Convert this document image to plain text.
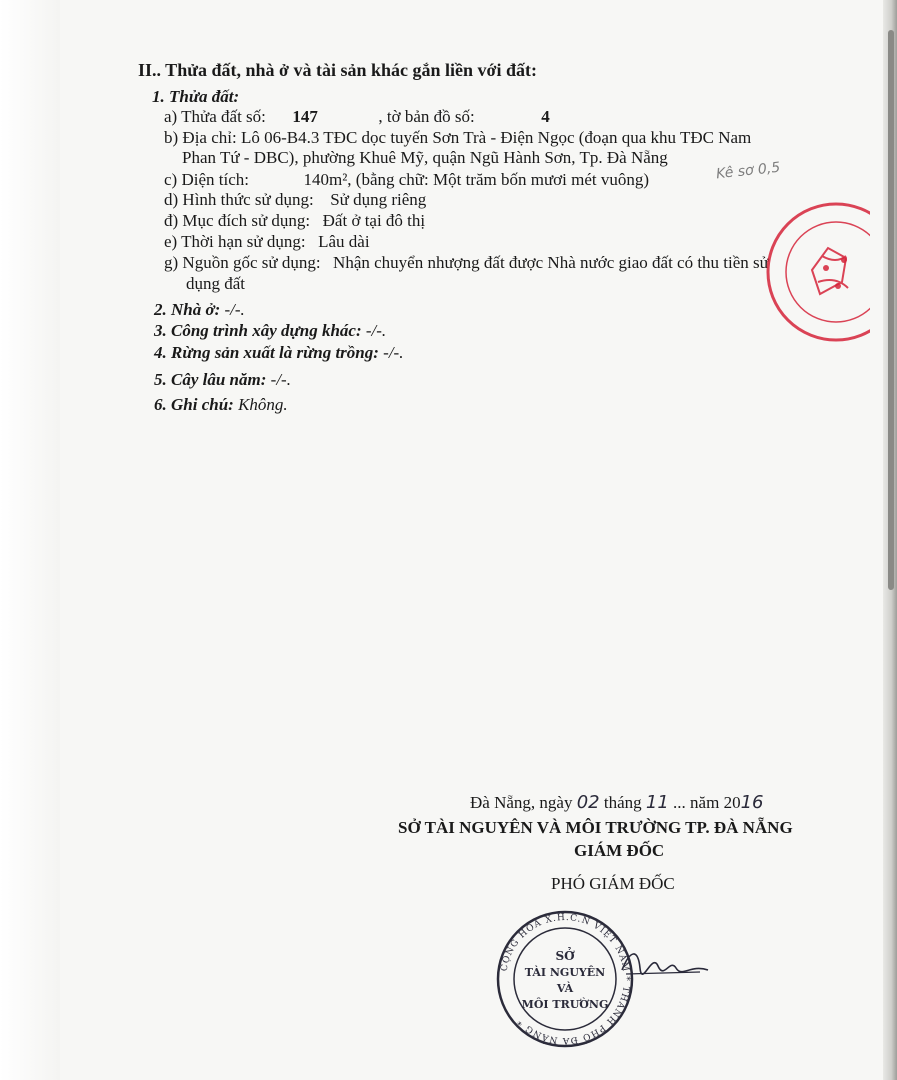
II.. Thửa đất, nhà ở và tài sản khác gắn liền với đất:
1. Thửa đất:
a) Thửa đất số: 147	, tờ bản đồ số:	4
b) Địa chỉ: Lô 06-B4.3 TĐC dọc tuyến Sơn Trà - Điện Ngọc (đoạn qua khu TĐC Nam
Phan Tứ - DBC), phường Khuê Mỹ, quận Ngũ Hành Sơn, Tp. Đà Nẵng
c) Diện tích:	140m², (bằng chữ: Một trăm bốn mươi mét vuông)	Kê sơ 0,5
d) Hình thức sử dụng: Sử dụng riêng
đ) Mục đích sử dụng: Đất ở tại đô thị
e) Thời hạn sử dụng: Lâu dài
g) Nguồn gốc sử dụng: Nhận chuyển nhượng đất được Nhà nước giao đất có thu tiền sử
dụng đất
2. Nhà ở: -/-.
3. Công trình xây dựng khác: -/-.
4. Rừng sản xuất là rừng trồng: -/-.
5. Cây lâu năm: -/-.
6. Ghi chú: Không.
Đà Nẵng, ngày 02 tháng 11 ... năm 2016
SỞ TÀI NGUYÊN VÀ MÔI TRƯỜNG TP. ĐÀ NẴNG
GIÁM ĐỐC
PHÓ GIÁM ĐỐC
CỘNG HÒA X.H.C.N VIỆT NAM * THÀNH PHỐ ĐÀ NẴNG *
SỞ
TÀI NGUYÊN
VÀ
MÔI TRƯỜNG
